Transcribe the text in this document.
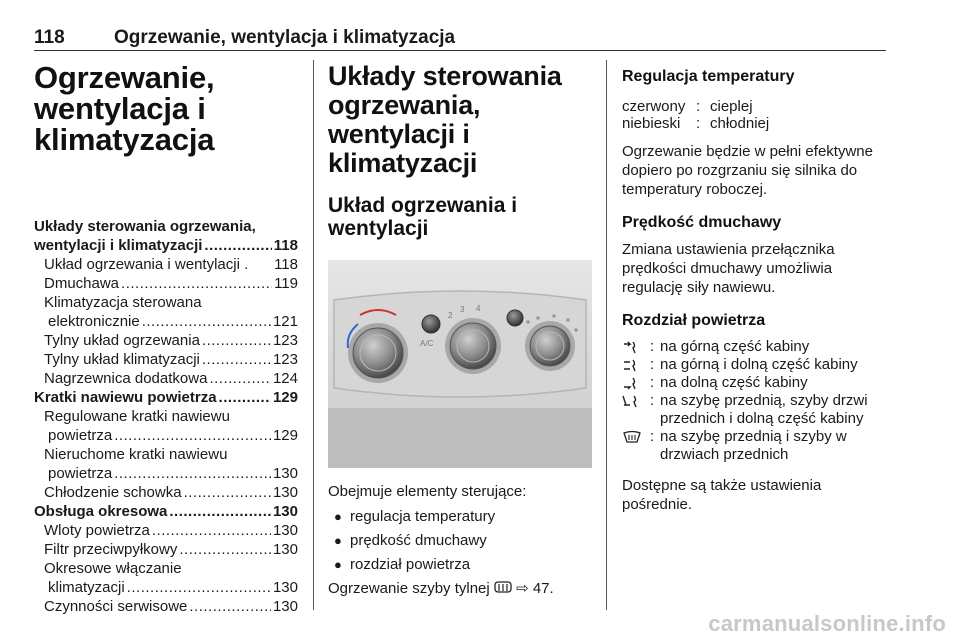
118	Ogrzewanie, wentylacja i klimatyzacja
Ogrzewanie,
wentylacja i
klimatyzacja
Układy sterowania ogrzewania,
wentylacji i klimatyzacji .....	118
Układ ogrzewania i wentylacji . 118
Dmuchawa .....	119
Klimatyzacja sterowana
elektronicznie .....	121
Tylny układ ogrzewania .....	123
Tylny układ klimatyzacji .....	123
Nagrzewnica dodatkowa .....	124
Kratki nawiewu powietrza .....	129
Regulowane kratki nawiewu
powietrza .....	129
Nieruchome kratki nawiewu
powietrza .....	130
Chłodzenie schowka .....	130
Obsługa okresowa .....	130
Wloty powietrza .....	130
Filtr przeciwpyłkowy .....	130
Okresowe włączanie
klimatyzacji .....	130
Czynności serwisowe .....	130
Układy sterowania
ogrzewania, wentylacji i
klimatyzacji
Układ ogrzewania i
wentylacji
A/C
2
3 4

Obejmuje elementy sterujące:

● regulacja temperatury
● prędkość dmuchawy
● rozdział powietrza

Ogrzewanie szyby tylnej ⇨ 47.

Regulacja temperatury
czerwony : cieplej
niebieski	: chłodniej

Ogrzewanie będzie w pełni efektywne
dopiero po rozgrzaniu się silnika do
temperatury roboczej.

Prędkość dmuchawy

Zmiana ustawienia przełącznika
prędkości dmuchawy umożliwia
regulację siły nawiewu.

Rozdział powietrza
: na górną część kabiny
: na górną i dolną część kabiny
: na dolną część kabiny
: na szybę przednią, szyby drzwi
przednich i dolną część kabiny
: na szybę przednią i szyby w
drzwiach przednich

Dostępne są także ustawienia
pośrednie.

carmanualsonline.info
